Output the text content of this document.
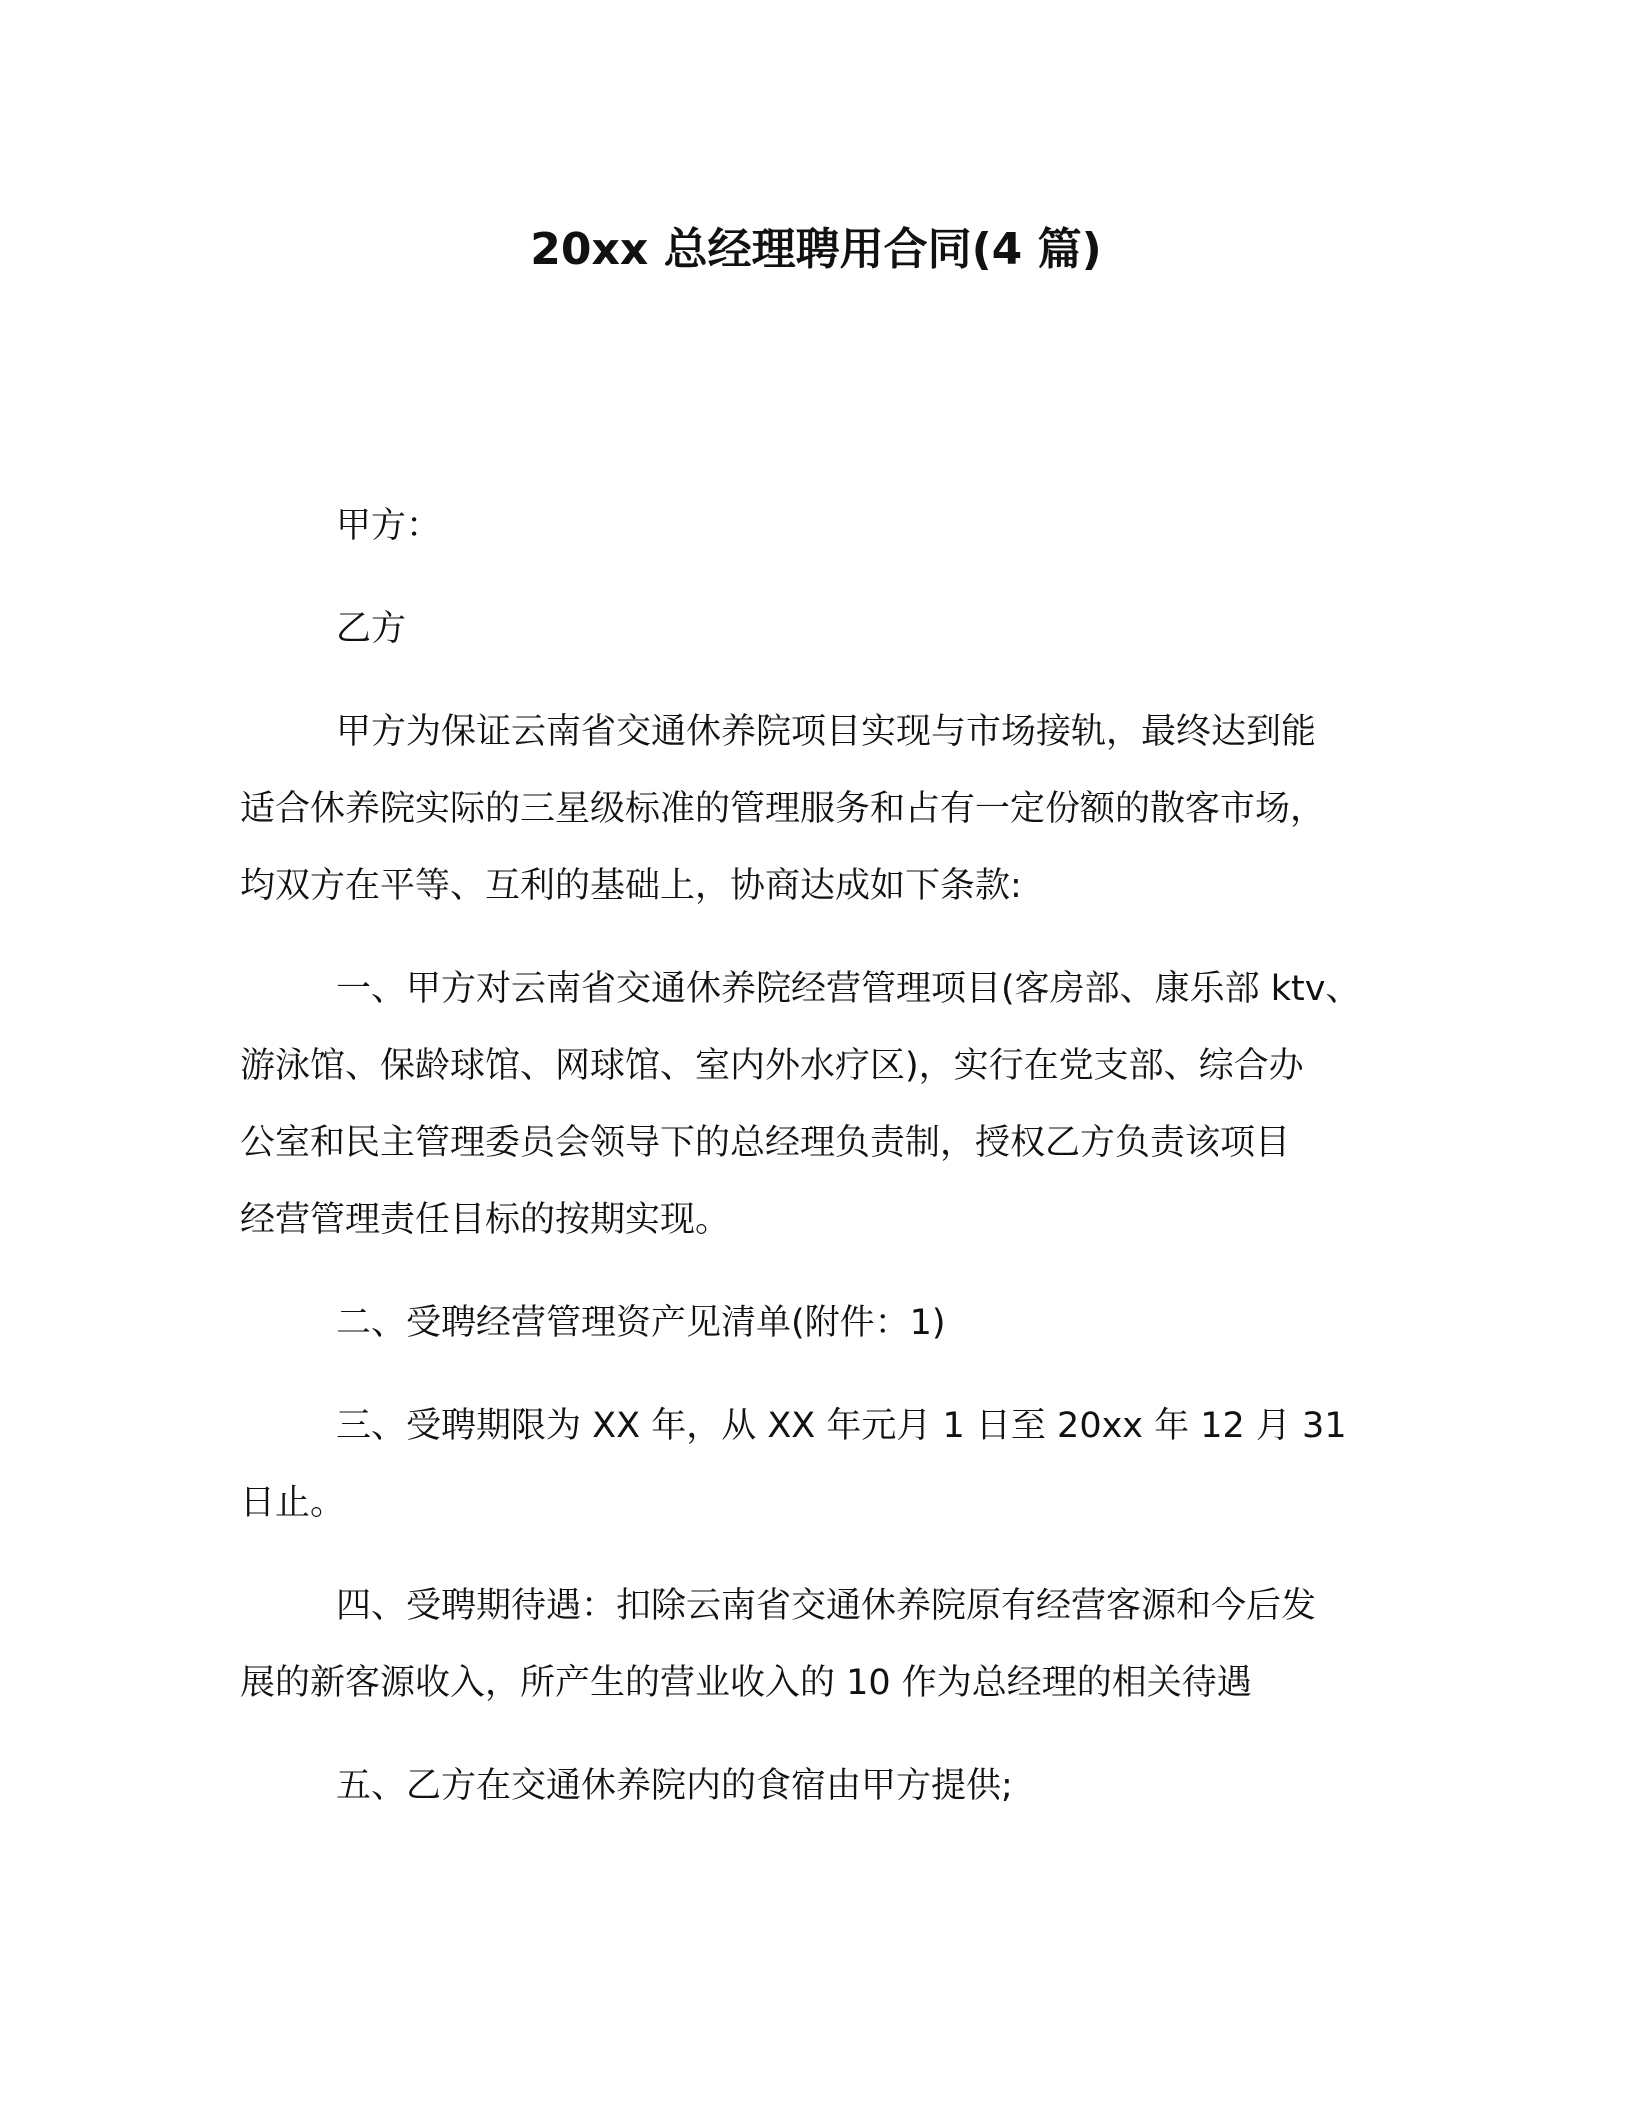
20xx 总经理聘用合同(4 篇)

甲方：

乙方

甲方为保证云南省交通休养院项目实现与市场接轨，最终达到能
适合休养院实际的三星级标准的管理服务和占有一定份额的散客市场，
均双方在平等、互利的基础上，协商达成如下条款:

一、甲方对云南省交通休养院经营管理项目(客房部、康乐部 ktv、
游泳馆、保龄球馆、网球馆、室内外水疗区)，实行在党支部、综合办
公室和民主管理委员会领导下的总经理负责制，授权乙方负责该项目
经营管理责任目标的按期实现。

二、受聘经营管理资产见清单(附件：1)

三、受聘期限为 XX 年，从 XX 年元月 1 日至 20xx 年 12 月 31
日止。

四、受聘期待遇：扣除云南省交通休养院原有经营客源和今后发
展的新客源收入，所产生的营业收入的 10 作为总经理的相关待遇

五、乙方在交通休养院内的食宿由甲方提供;
